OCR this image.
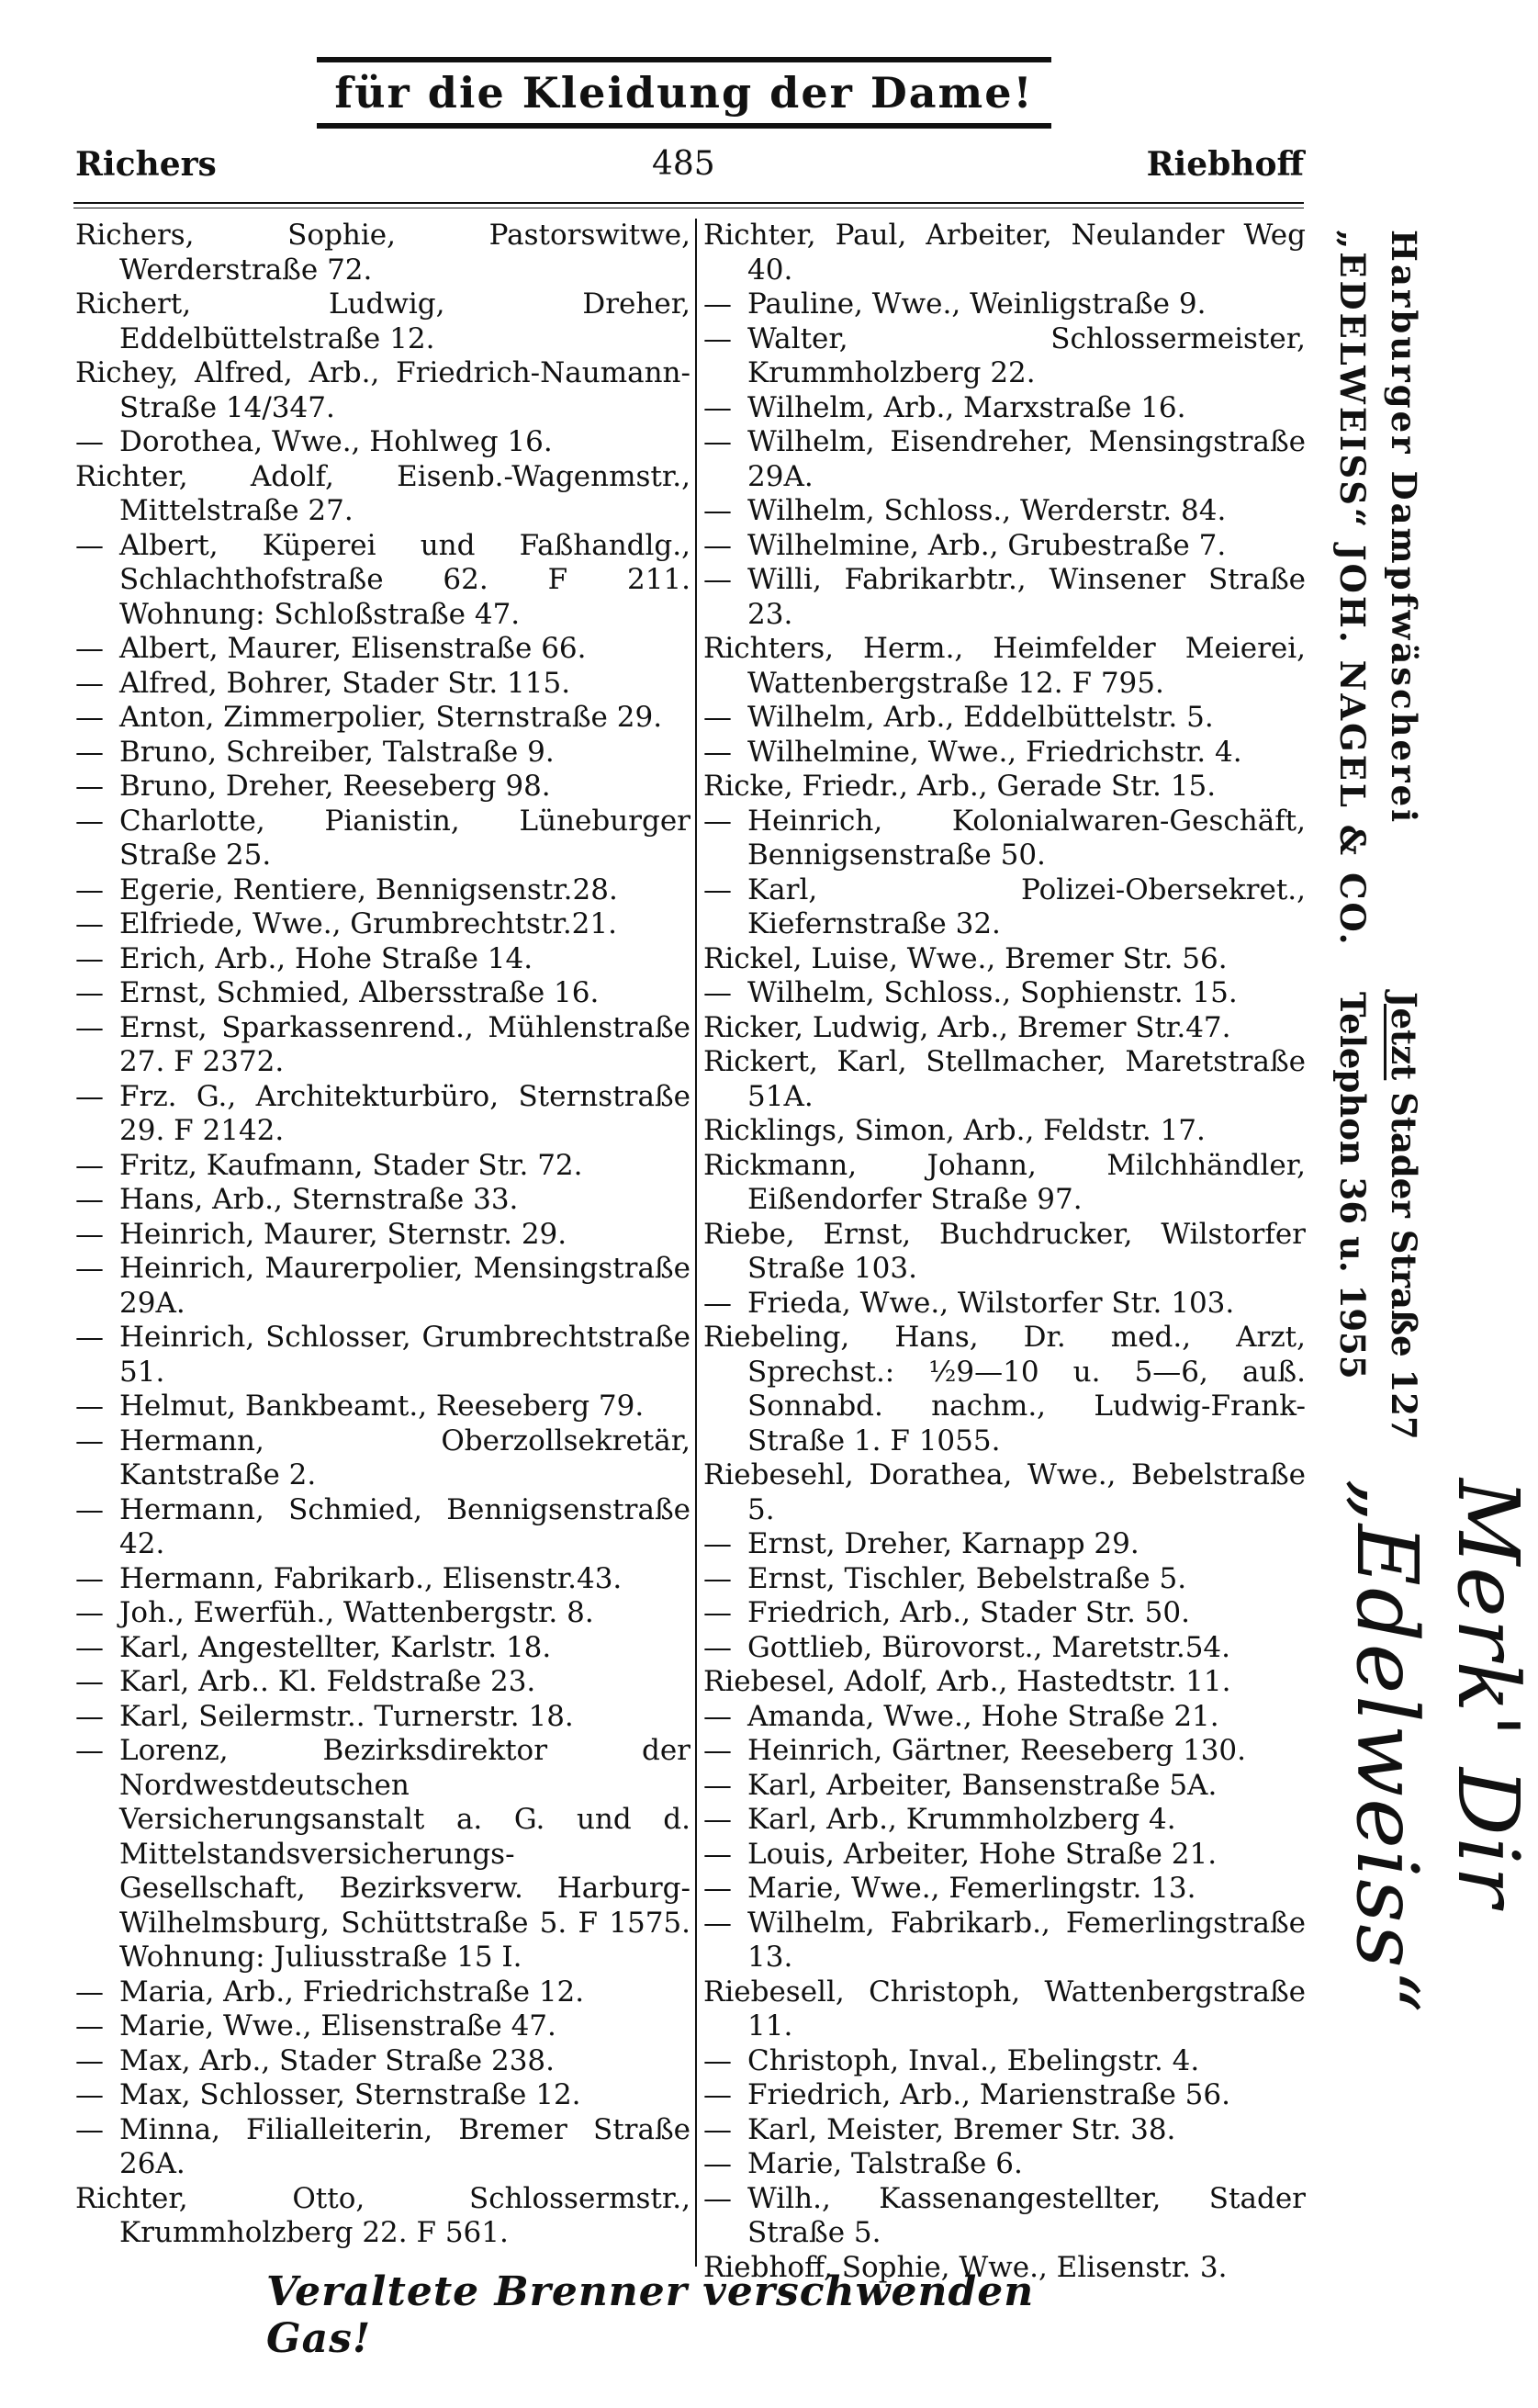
für die Kleidung der Dame!
Richers	485	Riebhoff

Richers, Sophie, Pastorswitwe, Werderstraße 72.

Richert, Ludwig, Dreher, Eddelbüttelstraße 12.

Richey, Alfred, Arb., Friedrich-Naumann-Straße 14/347.

— Dorothea, Wwe., Hohlweg 16.

Richter, Adolf, Eisenb.-Wagenmstr., Mittelstraße 27.

— Albert, Küperei und Faßhandlg., Schlachthofstraße 62. F 211. Wohnung: Schloßstraße 47.

— Albert, Maurer, Elisenstraße 66.

— Alfred, Bohrer, Stader Str. 115.

— Anton, Zimmerpolier, Sternstraße 29.

— Bruno, Schreiber, Talstraße 9.

— Bruno, Dreher, Reeseberg 98.

— Charlotte, Pianistin, Lüneburger Straße 25.

— Egerie, Rentiere, Bennigsenstr.28.

— Elfriede, Wwe., Grumbrechtstr.21.

— Erich, Arb., Hohe Straße 14.

— Ernst, Schmied, Albersstraße 16.

— Ernst, Sparkassenrend., Mühlenstraße 27. F 2372.

— Frz. G., Architekturbüro, Sternstraße 29. F 2142.

— Fritz, Kaufmann, Stader Str. 72.

— Hans, Arb., Sternstraße 33.

— Heinrich, Maurer, Sternstr. 29.

— Heinrich, Maurerpolier, Mensingstraße 29A.

— Heinrich, Schlosser, Grumbrechtstraße 51.

— Helmut, Bankbeamt., Reeseberg 79.

— Hermann, Oberzollsekretär, Kantstraße 2.

— Hermann, Schmied, Bennigsenstraße 42.

— Hermann, Fabrikarb., Elisenstr.43.

— Joh., Ewerfüh., Wattenbergstr. 8.

— Karl, Angestellter, Karlstr. 18.

— Karl, Arb.. Kl. Feldstraße 23.

— Karl, Seilermstr.. Turnerstr. 18.

— Lorenz, Bezirksdirektor der Nordwestdeutschen Versicherungsanstalt a. G. und d. Mittelstandsversicherungs-Gesellschaft, Bezirksverw. Harburg-Wilhelmsburg, Schüttstraße 5. F 1575. Wohnung: Juliusstraße 15 I.

— Maria, Arb., Friedrichstraße 12.

— Marie, Wwe., Elisenstraße 47.

— Max, Arb., Stader Straße 238.

— Max, Schlosser, Sternstraße 12.

— Minna, Filialleiterin, Bremer Straße 26A.

Richter, Otto, Schlossermstr., Krummholzberg 22. F 561.

Richter, Paul, Arbeiter, Neulander Weg 40.

— Pauline, Wwe., Weinligstraße 9.

— Walter, Schlossermeister, Krummholzberg 22.

— Wilhelm, Arb., Marxstraße 16.

— Wilhelm, Eisendreher, Mensingstraße 29A.

— Wilhelm, Schloss., Werderstr. 84.

— Wilhelmine, Arb., Grubestraße 7.

— Willi, Fabrikarbtr., Winsener Straße 23.

Richters, Herm., Heimfelder Meierei, Wattenbergstraße 12. F 795.

— Wilhelm, Arb., Eddelbüttelstr. 5.

— Wilhelmine, Wwe., Friedrichstr. 4.

Ricke, Friedr., Arb., Gerade Str. 15.

— Heinrich, Kolonialwaren-Geschäft, Bennigsenstraße 50.

— Karl, Polizei-Obersekret., Kiefernstraße 32.

Rickel, Luise, Wwe., Bremer Str. 56.

— Wilhelm, Schloss., Sophienstr. 15.

Ricker, Ludwig, Arb., Bremer Str.47.

Rickert, Karl, Stellmacher, Maretstraße 51A.

Ricklings, Simon, Arb., Feldstr. 17.

Rickmann, Johann, Milchhändler, Eißendorfer Straße 97.

Riebe, Ernst, Buchdrucker, Wilstorfer Straße 103.

— Frieda, Wwe., Wilstorfer Str. 103.

Riebeling, Hans, Dr. med., Arzt, Sprechst.: ½9—10 u. 5—6, auß. Sonnabd. nachm., Ludwig-Frank-Straße 1. F 1055.

Riebesehl, Dorathea, Wwe., Bebelstraße 5.

— Ernst, Dreher, Karnapp 29.

— Ernst, Tischler, Bebelstraße 5.

— Friedrich, Arb., Stader Str. 50.

— Gottlieb, Bürovorst., Maretstr.54.

Riebesel, Adolf, Arb., Hastedtstr. 11.

— Amanda, Wwe., Hohe Straße 21.

— Heinrich, Gärtner, Reeseberg 130.

— Karl, Arbeiter, Bansenstraße 5A.

— Karl, Arb., Krummholzberg 4.

— Louis, Arbeiter, Hohe Straße 21.

— Marie, Wwe., Femerlingstr. 13.

— Wilhelm, Fabrikarb., Femerlingstraße 13.

Riebesell, Christoph, Wattenbergstraße 11.

— Christoph, Inval., Ebelingstr. 4.

— Friedrich, Arb., Marienstraße 56.

— Karl, Meister, Bremer Str. 38.

— Marie, Talstraße 6.

— Wilh., Kassenangestellter, Stader Straße 5.

Riebhoff, Sophie, Wwe., Elisenstr. 3.

Harburger Dampfwäscherei „EDELWEISS“ JOH. NAGEL & CO.
Jetzt Stader Straße 127 Telephon 36 u. 1955
Merk' Dir „Edelweiss“
Veraltete Brenner verschwenden Gas!
